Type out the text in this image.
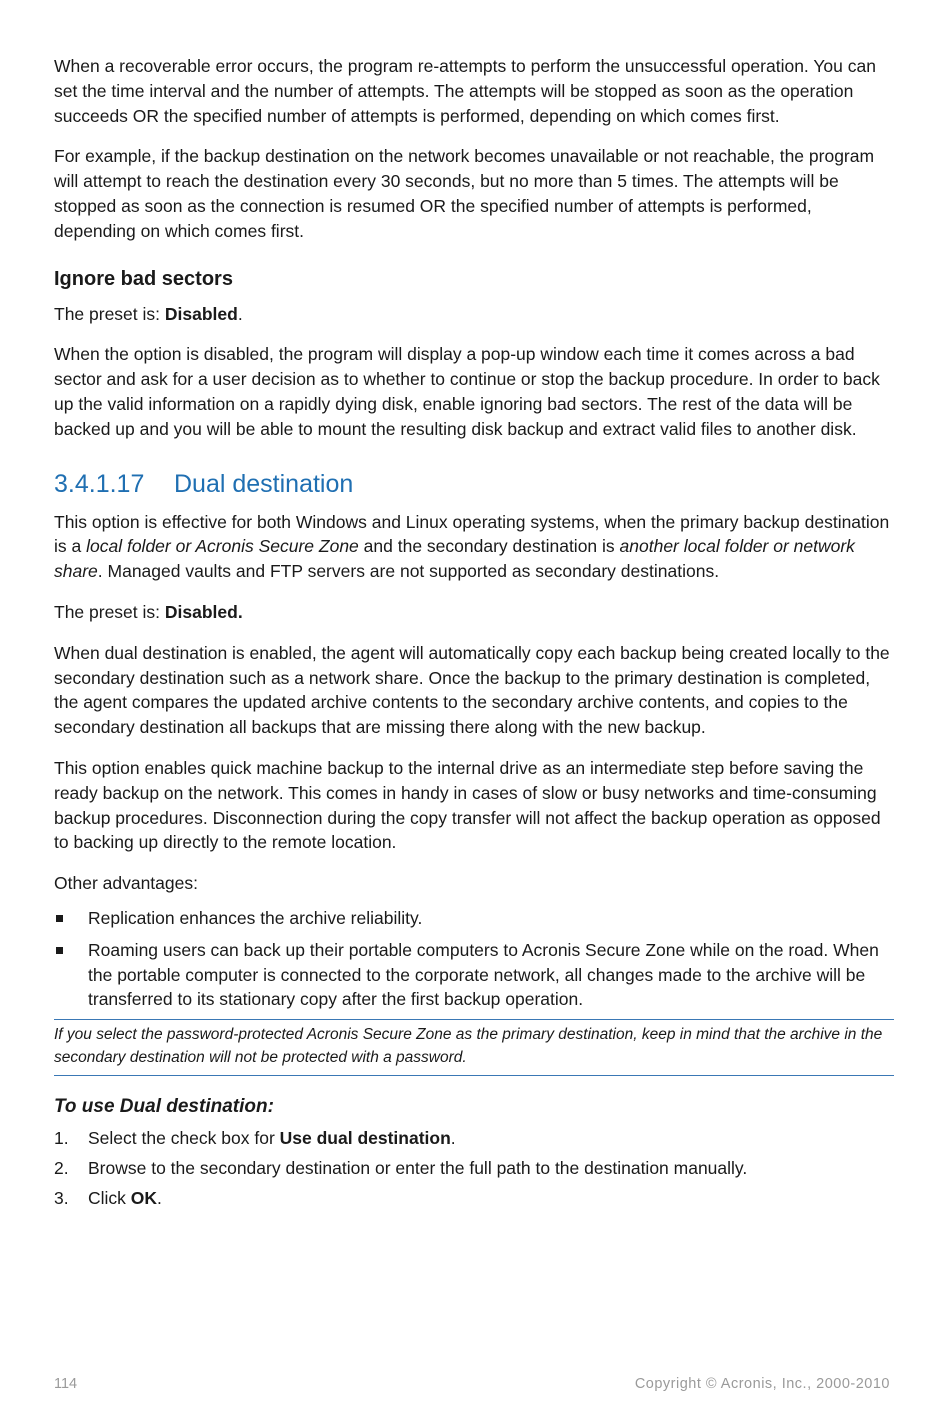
When a recoverable error occurs, the program re-attempts to perform the unsuccessful operation. You can set the time interval and the number of attempts. The attempts will be stopped as soon as the operation succeeds OR the specified number of attempts is performed, depending on which comes first.

For example, if the backup destination on the network becomes unavailable or not reachable, the program will attempt to reach the destination every 30 seconds, but no more than 5 times. The attempts will be stopped as soon as the connection is resumed OR the specified number of attempts is performed, depending on which comes first.

Ignore bad sectors

The preset is: Disabled.

When the option is disabled, the program will display a pop-up window each time it comes across a bad sector and ask for a user decision as to whether to continue or stop the backup procedure. In order to back up the valid information on a rapidly dying disk, enable ignoring bad sectors. The rest of the data will be backed up and you will be able to mount the resulting disk backup and extract valid files to another disk.

3.4.1.17 Dual destination

This option is effective for both Windows and Linux operating systems, when the primary backup destination is a local folder or Acronis Secure Zone and the secondary destination is another local folder or network share. Managed vaults and FTP servers are not supported as secondary destinations.

The preset is: Disabled.

When dual destination is enabled, the agent will automatically copy each backup being created locally to the secondary destination such as a network share. Once the backup to the primary destination is completed, the agent compares the updated archive contents to the secondary archive contents, and copies to the secondary destination all backups that are missing there along with the new backup.

This option enables quick machine backup to the internal drive as an intermediate step before saving the ready backup on the network. This comes in handy in cases of slow or busy networks and time-consuming backup procedures. Disconnection during the copy transfer will not affect the backup operation as opposed to backing up directly to the remote location.

Other advantages:

Replication enhances the archive reliability.
Roaming users can back up their portable computers to Acronis Secure Zone while on the road. When the portable computer is connected to the corporate network, all changes made to the archive will be transferred to its stationary copy after the first backup operation.
If you select the password-protected Acronis Secure Zone as the primary destination, keep in mind that the archive in the secondary destination will not be protected with a password.
To use Dual destination:
1. Select the check box for Use dual destination.
2. Browse to the secondary destination or enter the full path to the destination manually.
3. Click OK.
114	Copyright © Acronis, Inc., 2000-2010
